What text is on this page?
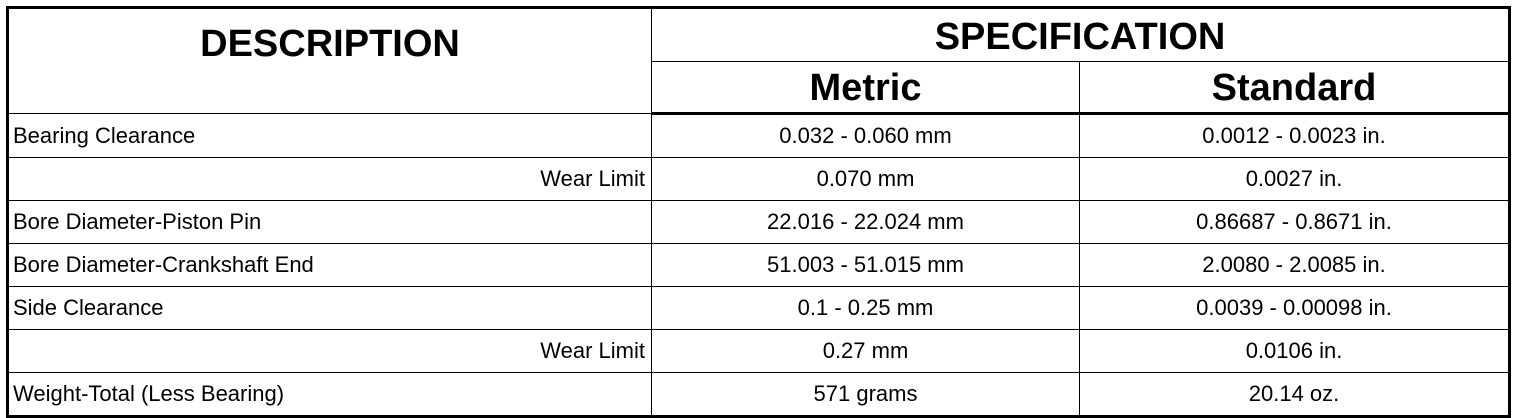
DESCRIPTION	SPECIFICATION	
	Metric	Standard
Bearing Clearance	0.032 - 0.060 mm	0.0012 - 0.0023 in.
Wear Limit	0.070 mm	0.0027 in.
Bore Diameter-Piston Pin	22.016 - 22.024 mm	0.86687 - 0.8671 in.
Bore Diameter-Crankshaft End	51.003 - 51.015 mm	2.0080 - 2.0085 in.
Side Clearance	0.1 - 0.25 mm	0.0039 - 0.00098 in.
Wear Limit	0.27 mm	0.0106 in.
Weight-Total (Less Bearing)	571 grams	20.14 oz.
